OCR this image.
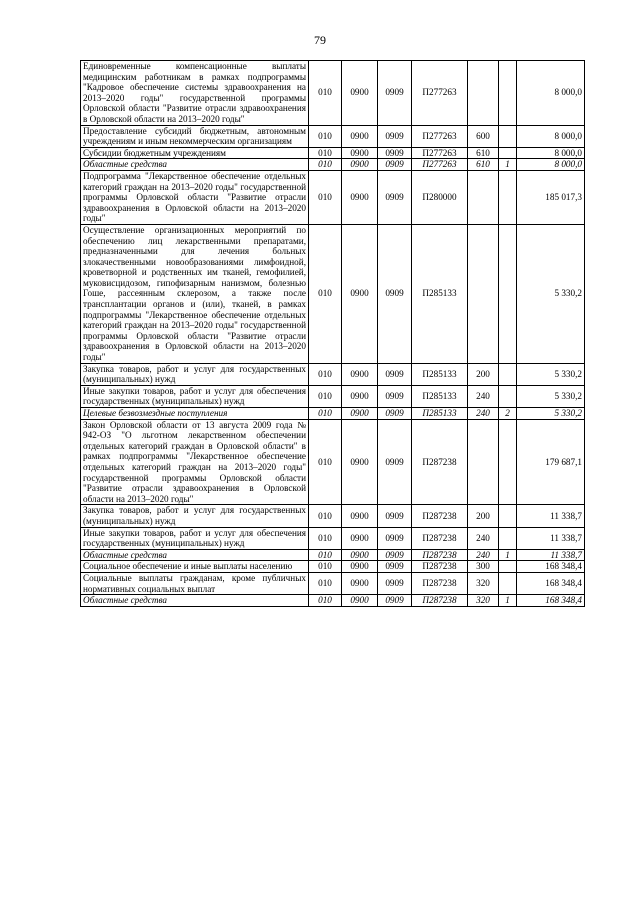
79
Единовременные компенсационные выплаты медицинским работникам в рамках подпрограммы "Кадровое обеспечение системы здравоохранения на 2013–2020 годы" государственной программы Орловской области "Развитие отрасли здравоохранения в Орловской области на 2013–2020 годы"	010	0900	0909	П277263			8 000,0
Предоставление субсидий бюджетным, автономным учреждениям и иным некоммерческим организациям	010	0900	0909	П277263	600		8 000,0
Субсидии бюджетным учреждениям	010	0900	0909	П277263	610		8 000,0
Областные средства	010	0900	0909	П277263	610	1	8 000,0
Подпрограмма "Лекарственное обеспечение отдельных категорий граждан на 2013–2020 годы" государственной программы Орловской области "Развитие отрасли здравоохранения в Орловской области на 2013–2020 годы"	010	0900	0909	П280000			185 017,3
Осуществление организационных мероприятий по обеспечению лиц лекарственными препаратами, предназначенными для лечения больных злокачественными новообразованиями лимфоидной, кроветворной и родственных им тканей, гемофилией, муковисцидозом, гипофизарным нанизмом, болезнью Гоше, рассеянным склерозом, а также после трансплантации органов и (или), тканей, в рамках подпрограммы "Лекарственное обеспечение отдельных категорий граждан на 2013–2020 годы" государственной программы Орловской области "Развитие отрасли здравоохранения в Орловской области на 2013–2020 годы"	010	0900	0909	П285133			5 330,2
Закупка товаров, работ и услуг для государственных (муниципальных) нужд	010	0900	0909	П285133	200		5 330,2
Иные закупки товаров, работ и услуг для обеспечения государственных (муниципальных) нужд	010	0900	0909	П285133	240		5 330,2
Целевые безвозмездные поступления	010	0900	0909	П285133	240	2	5 330,2
Закон Орловской области от 13 августа 2009 года № 942-ОЗ "О льготном лекарственном обеспечении отдельных категорий граждан в Орловской области" в рамках подпрограммы "Лекарственное обеспечение отдельных категорий граждан на 2013–2020 годы" государственной программы Орловской области "Развитие отрасли здравоохранения в Орловской области на 2013–2020 годы"	010	0900	0909	П287238			179 687,1
Закупка товаров, работ и услуг для государственных (муниципальных) нужд	010	0900	0909	П287238	200		11 338,7
Иные закупки товаров, работ и услуг для обеспечения государственных (муниципальных) нужд	010	0900	0909	П287238	240		11 338,7
Областные средства	010	0900	0909	П287238	240	1	11 338,7
Социальное обеспечение и иные выплаты населению	010	0900	0909	П287238	300		168 348,4
Социальные выплаты гражданам, кроме публичных нормативных социальных выплат	010	0900	0909	П287238	320		168 348,4
Областные средства	010	0900	0909	П287238	320	1	168 348,4
